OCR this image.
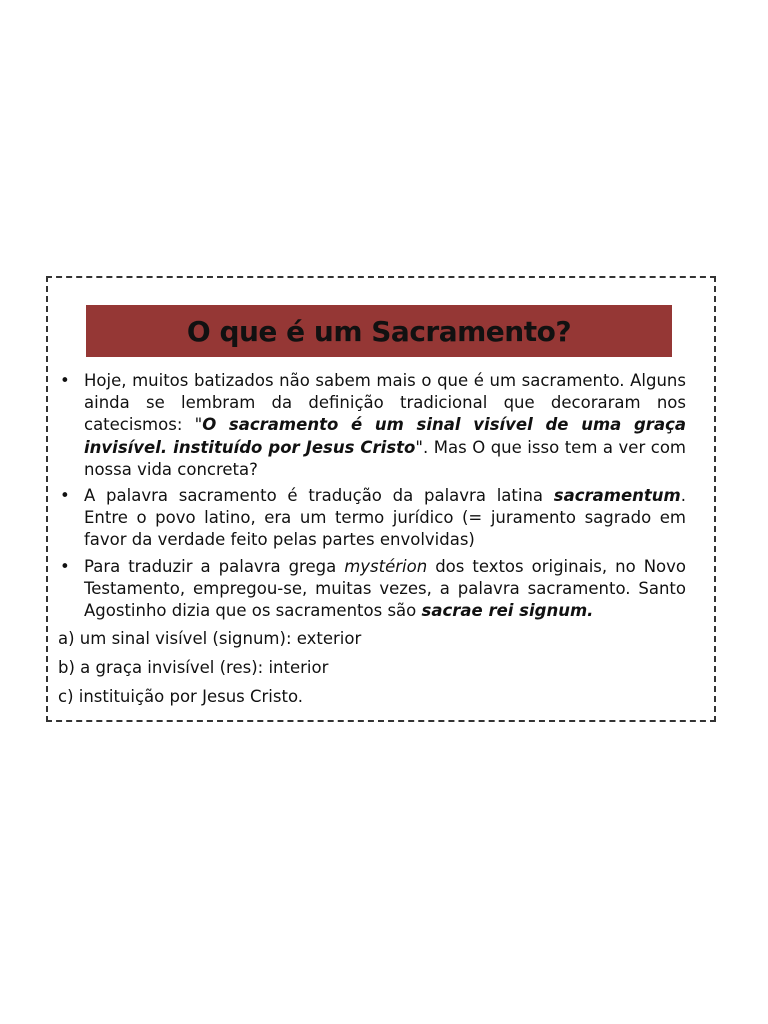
O que é um Sacramento?
• Hoje, muitos batizados não sabem mais o que é um sacramento. Alguns ainda se lembram da definição tradicional que decoraram nos catecismos: "O sacramento é um sinal visível de uma graça invisível. instituído por Jesus Cristo". Mas O que isso tem a ver com nossa vida concreta?
• A palavra sacramento é tradução da palavra latina sacramentum. Entre o povo latino, era um termo jurídico (= juramento sagrado em favor da verdade feito pelas partes envolvidas)
• Para traduzir a palavra grega mystérion dos textos originais, no Novo Testamento, empregou-se, muitas vezes, a palavra sacramento. Santo Agostinho dizia que os sacramentos são sacrae rei signum.
a) um sinal visível (signum): exterior
b) a graça invisível (res): interior
c) instituição por Jesus Cristo.
